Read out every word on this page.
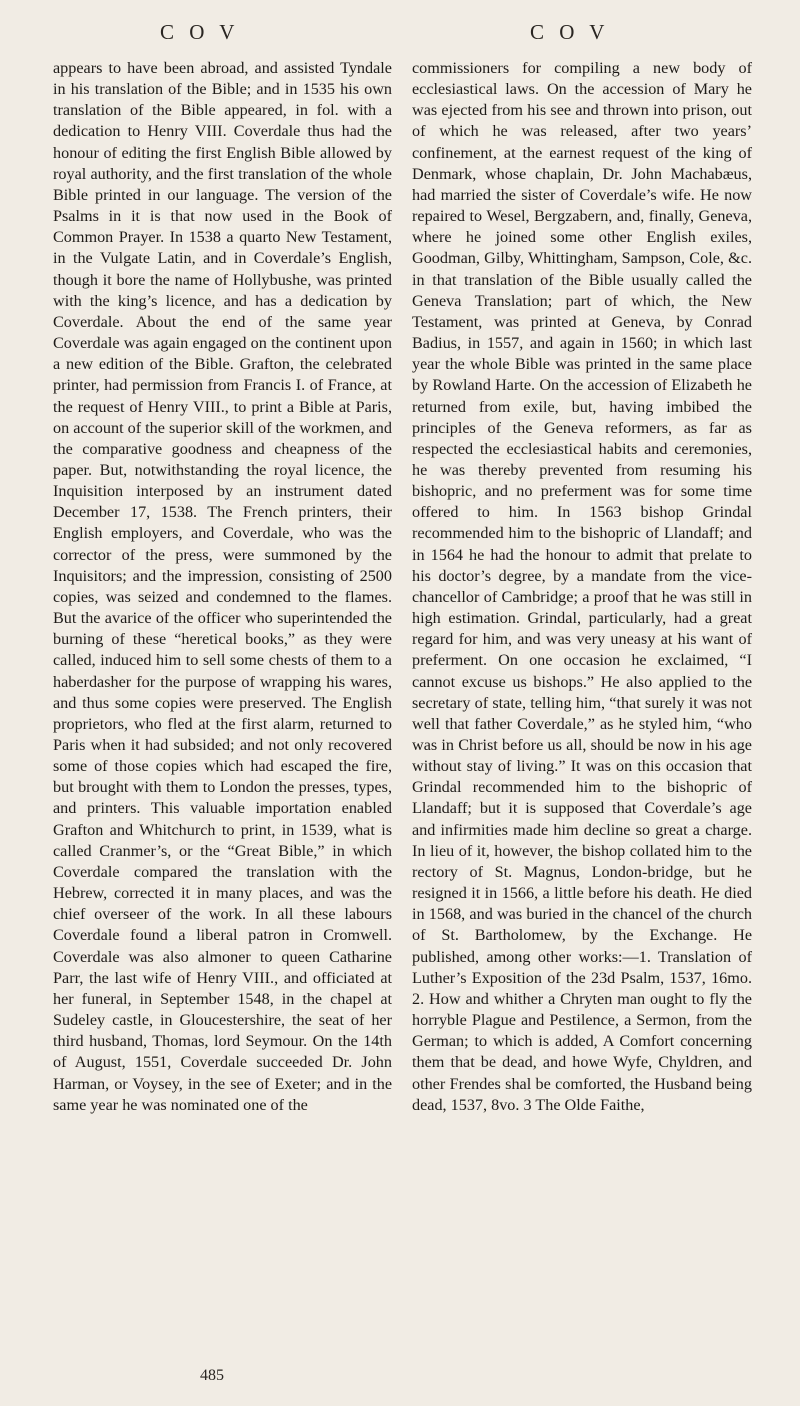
C O V	C O V

appears to have been abroad, and assisted Tyndale in his translation of the Bible; and in 1535 his own translation of the Bible appeared, in fol. with a dedication to Henry VIII. Coverdale thus had the honour of editing the first English Bible allowed by royal authority, and the first translation of the whole Bible printed in our language. The version of the Psalms in it is that now used in the Book of Common Prayer. In 1538 a quarto New Testament, in the Vulgate Latin, and in Coverdale’s English, though it bore the name of Hollybushe, was printed with the king’s licence, and has a dedication by Coverdale. About the end of the same year Coverdale was again engaged on the continent upon a new edition of the Bible. Grafton, the celebrated printer, had permission from Francis I. of France, at the request of Henry VIII., to print a Bible at Paris, on account of the superior skill of the workmen, and the comparative goodness and cheapness of the paper. But, notwithstanding the royal licence, the Inquisition interposed by an instrument dated December 17, 1538. The French printers, their English employers, and Coverdale, who was the corrector of the press, were summoned by the Inquisitors; and the impression, consisting of 2500 copies, was seized and condemned to the flames. But the avarice of the officer who superintended the burning of these “heretical books,” as they were called, induced him to sell some chests of them to a haberdasher for the purpose of wrapping his wares, and thus some copies were preserved. The English proprietors, who fled at the first alarm, returned to Paris when it had subsided; and not only recovered some of those copies which had escaped the fire, but brought with them to London the presses, types, and printers. This valuable importation enabled Grafton and Whitchurch to print, in 1539, what is called Cranmer’s, or the “Great Bible,” in which Coverdale compared the translation with the Hebrew, corrected it in many places, and was the chief overseer of the work. In all these labours Coverdale found a liberal patron in Cromwell. Coverdale was also almoner to queen Catharine Parr, the last wife of Henry VIII., and officiated at her funeral, in September 1548, in the chapel at Sudeley castle, in Gloucestershire, the seat of her third husband, Thomas, lord Seymour. On the 14th of August, 1551, Coverdale succeeded Dr. John Harman, or Voysey, in the see of Exeter; and in the same year he was nominated one of the

commissioners for compiling a new body of ecclesiastical laws. On the accession of Mary he was ejected from his see and thrown into prison, out of which he was released, after two years’ confinement, at the earnest request of the king of Denmark, whose chaplain, Dr. John Machabæus, had married the sister of Coverdale’s wife. He now repaired to Wesel, Bergzabern, and, finally, Geneva, where he joined some other English exiles, Goodman, Gilby, Whittingham, Sampson, Cole, &c. in that translation of the Bible usually called the Geneva Translation; part of which, the New Testament, was printed at Geneva, by Conrad Badius, in 1557, and again in 1560; in which last year the whole Bible was printed in the same place by Rowland Harte. On the accession of Elizabeth he returned from exile, but, having imbibed the principles of the Geneva reformers, as far as respected the ecclesiastical habits and ceremonies, he was thereby prevented from resuming his bishopric, and no preferment was for some time offered to him. In 1563 bishop Grindal recommended him to the bishopric of Llandaff; and in 1564 he had the honour to admit that prelate to his doctor’s degree, by a mandate from the vice-chancellor of Cambridge; a proof that he was still in high estimation. Grindal, particularly, had a great regard for him, and was very uneasy at his want of preferment. On one occasion he exclaimed, “I cannot excuse us bishops.” He also applied to the secretary of state, telling him, “that surely it was not well that father Coverdale,” as he styled him, “who was in Christ before us all, should be now in his age without stay of living.” It was on this occasion that Grindal recommended him to the bishopric of Llandaff; but it is supposed that Coverdale’s age and infirmities made him decline so great a charge. In lieu of it, however, the bishop collated him to the rectory of St. Magnus, London-bridge, but he resigned it in 1566, a little before his death. He died in 1568, and was buried in the chancel of the church of St. Bartholomew, by the Exchange. He published, among other works:—1. Translation of Luther’s Exposition of the 23d Psalm, 1537, 16mo. 2. How and whither a Chryten man ought to fly the horryble Plague and Pestilence, a Sermon, from the German; to which is added, A Comfort concerning them that be dead, and howe Wyfe, Chyldren, and other Frendes shal be comforted, the Husband being dead, 1537, 8vo. 3 The Olde Faithe,

485
